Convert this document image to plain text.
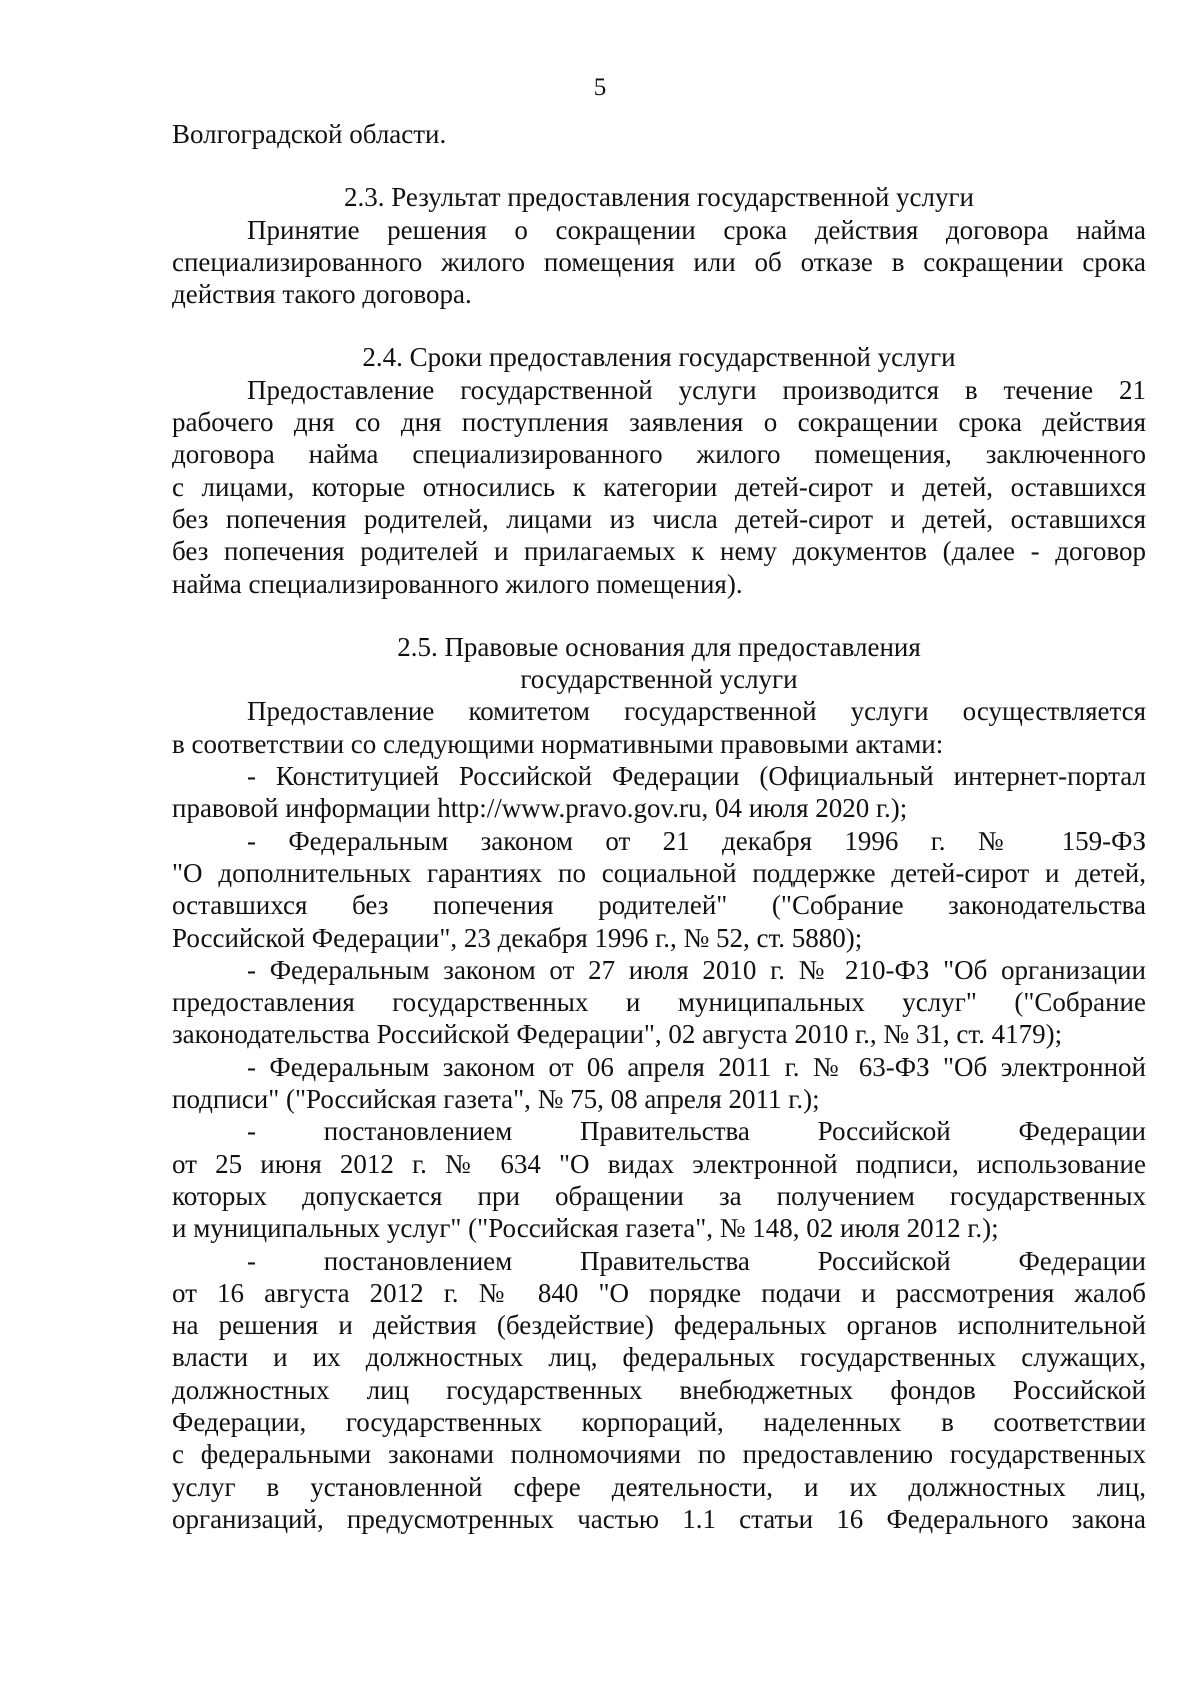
5
Волгоградской области.
2.3. Результат предоставления государственной услуги
Принятие решения о сокращении срока действия договора найма
специализированного жилого помещения или об отказе в сокращении срока
действия такого договора.
2.4. Сроки предоставления государственной услуги
Предоставление государственной услуги производится в течение 21
рабочего дня со дня поступления заявления о сокращении срока действия
договора найма специализированного жилого помещения, заключенного
с лицами, которые относились к категории детей-сирот и детей, оставшихся
без попечения родителей, лицами из числа детей-сирот и детей, оставшихся
без попечения родителей и прилагаемых к нему документов (далее - договор
найма специализированного жилого помещения).
2.5. Правовые основания для предоставления
государственной услуги
Предоставление комитетом государственной услуги осуществляется
в соответствии со следующими нормативными правовыми актами:
- Конституцией Российской Федерации (Официальный интернет-портал
правовой информации http://www.pravo.gov.ru, 04 июля 2020 г.);
- Федеральным законом от 21 декабря 1996 г. № 159-ФЗ
"О дополнительных гарантиях по социальной поддержке детей-сирот и детей,
оставшихся без попечения родителей" ("Собрание законодательства
Российской Федерации", 23 декабря 1996 г., № 52, ст. 5880);
- Федеральным законом от 27 июля 2010 г. № 210-ФЗ "Об организации
предоставления государственных и муниципальных услуг" ("Собрание
законодательства Российской Федерации", 02 августа 2010 г., № 31, ст. 4179);
- Федеральным законом от 06 апреля 2011 г. № 63-ФЗ "Об электронной
подписи" ("Российская газета", № 75, 08 апреля 2011 г.);
- постановлением Правительства Российской Федерации
от 25 июня 2012 г. № 634 "О видах электронной подписи, использование
которых допускается при обращении за получением государственных
и муниципальных услуг" ("Российская газета", № 148, 02 июля 2012 г.);
- постановлением Правительства Российской Федерации
от 16 августа 2012 г. № 840 "О порядке подачи и рассмотрения жалоб
на решения и действия (бездействие) федеральных органов исполнительной
власти и их должностных лиц, федеральных государственных служащих,
должностных лиц государственных внебюджетных фондов Российской
Федерации, государственных корпораций, наделенных в соответствии
с федеральными законами полномочиями по предоставлению государственных
услуг в установленной сфере деятельности, и их должностных лиц,
организаций, предусмотренных частью 1.1 статьи 16 Федерального закона
